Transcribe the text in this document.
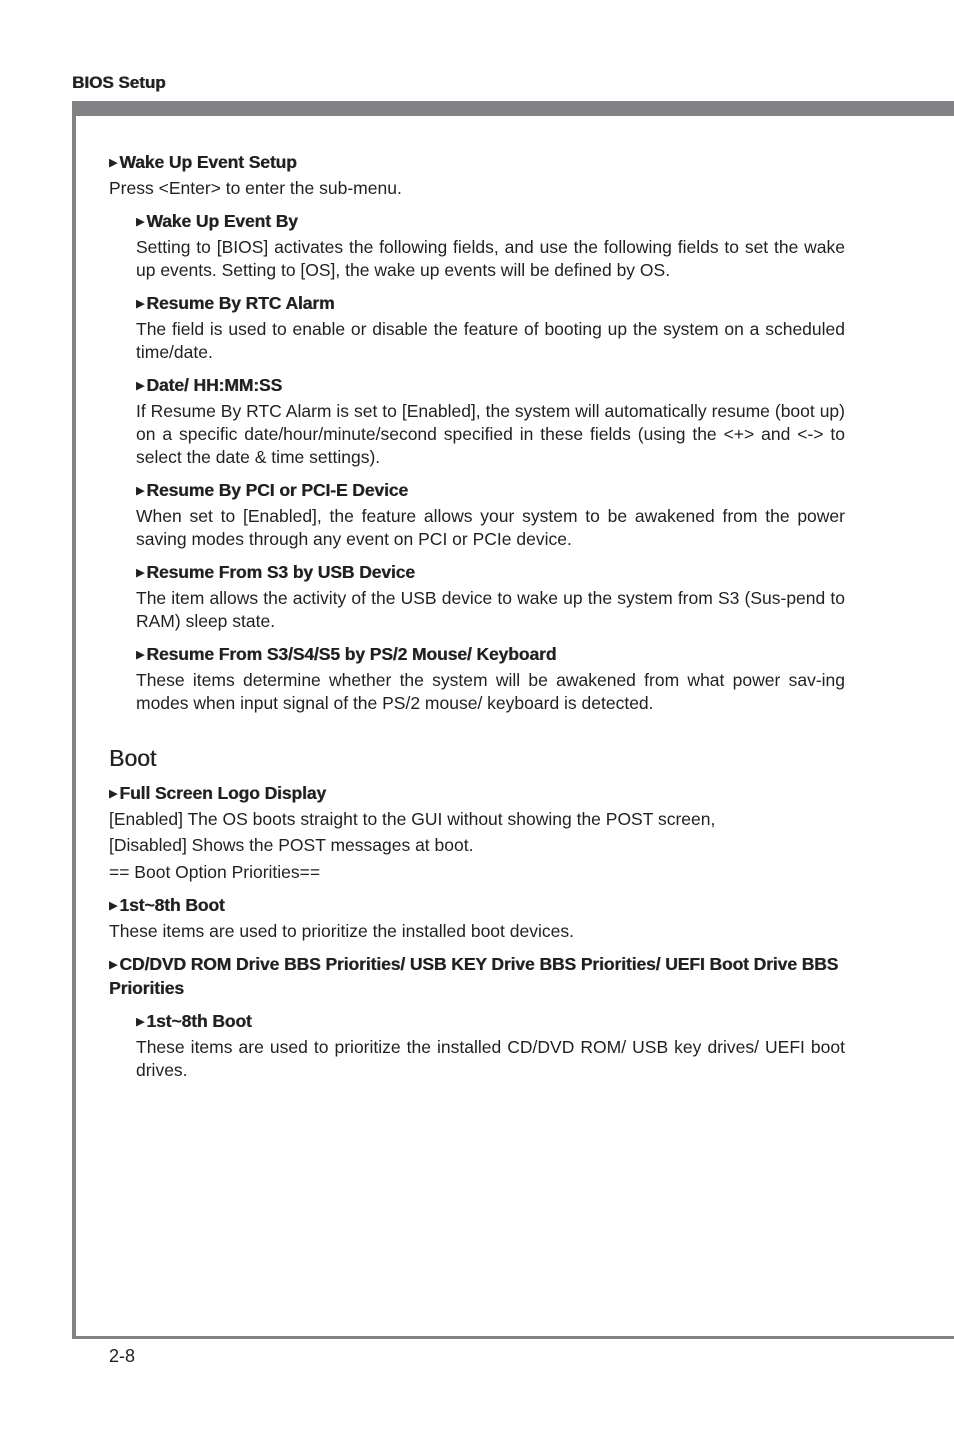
BIOS Setup
▶ Wake Up Event Setup
Press <Enter> to enter the sub-menu.
▶ Wake Up Event By
Setting to [BIOS] activates the following fields, and use the following fields to set the wake up events. Setting to [OS], the wake up events will be defined by OS.
▶ Resume By RTC Alarm
The field is used to enable or disable the feature of booting up the system on a scheduled time/date.
▶ Date/ HH:MM:SS
If Resume By RTC Alarm is set to [Enabled], the system will automatically resume (boot up) on a specific date/hour/minute/second specified in these fields (using the <+> and <-> to select the date & time settings).
▶ Resume By PCI or PCI-E Device
When set to [Enabled], the feature allows your system to be awakened from the power saving modes through any event on PCI or PCIe device.
▶ Resume From S3 by USB Device
The item allows the activity of the USB device to wake up the system from S3 (Sus-pend to RAM) sleep state.
▶ Resume From S3/S4/S5 by PS/2 Mouse/ Keyboard
These items determine whether the system will be awakened from what power sav-ing modes when input signal of the PS/2 mouse/ keyboard is detected.
Boot
▶ Full Screen Logo Display
[Enabled] The OS boots straight to the GUI without showing the POST screen,
[Disabled] Shows the POST messages at boot.
== Boot Option Priorities==
▶ 1st~8th Boot
These items are used to prioritize the installed boot devices.
▶ CD/DVD ROM Drive BBS Priorities/ USB KEY Drive BBS Priorities/ UEFI Boot Drive BBS Priorities
▶ 1st~8th Boot
These items are used to prioritize the installed CD/DVD ROM/ USB key drives/ UEFI boot drives.
2-8
